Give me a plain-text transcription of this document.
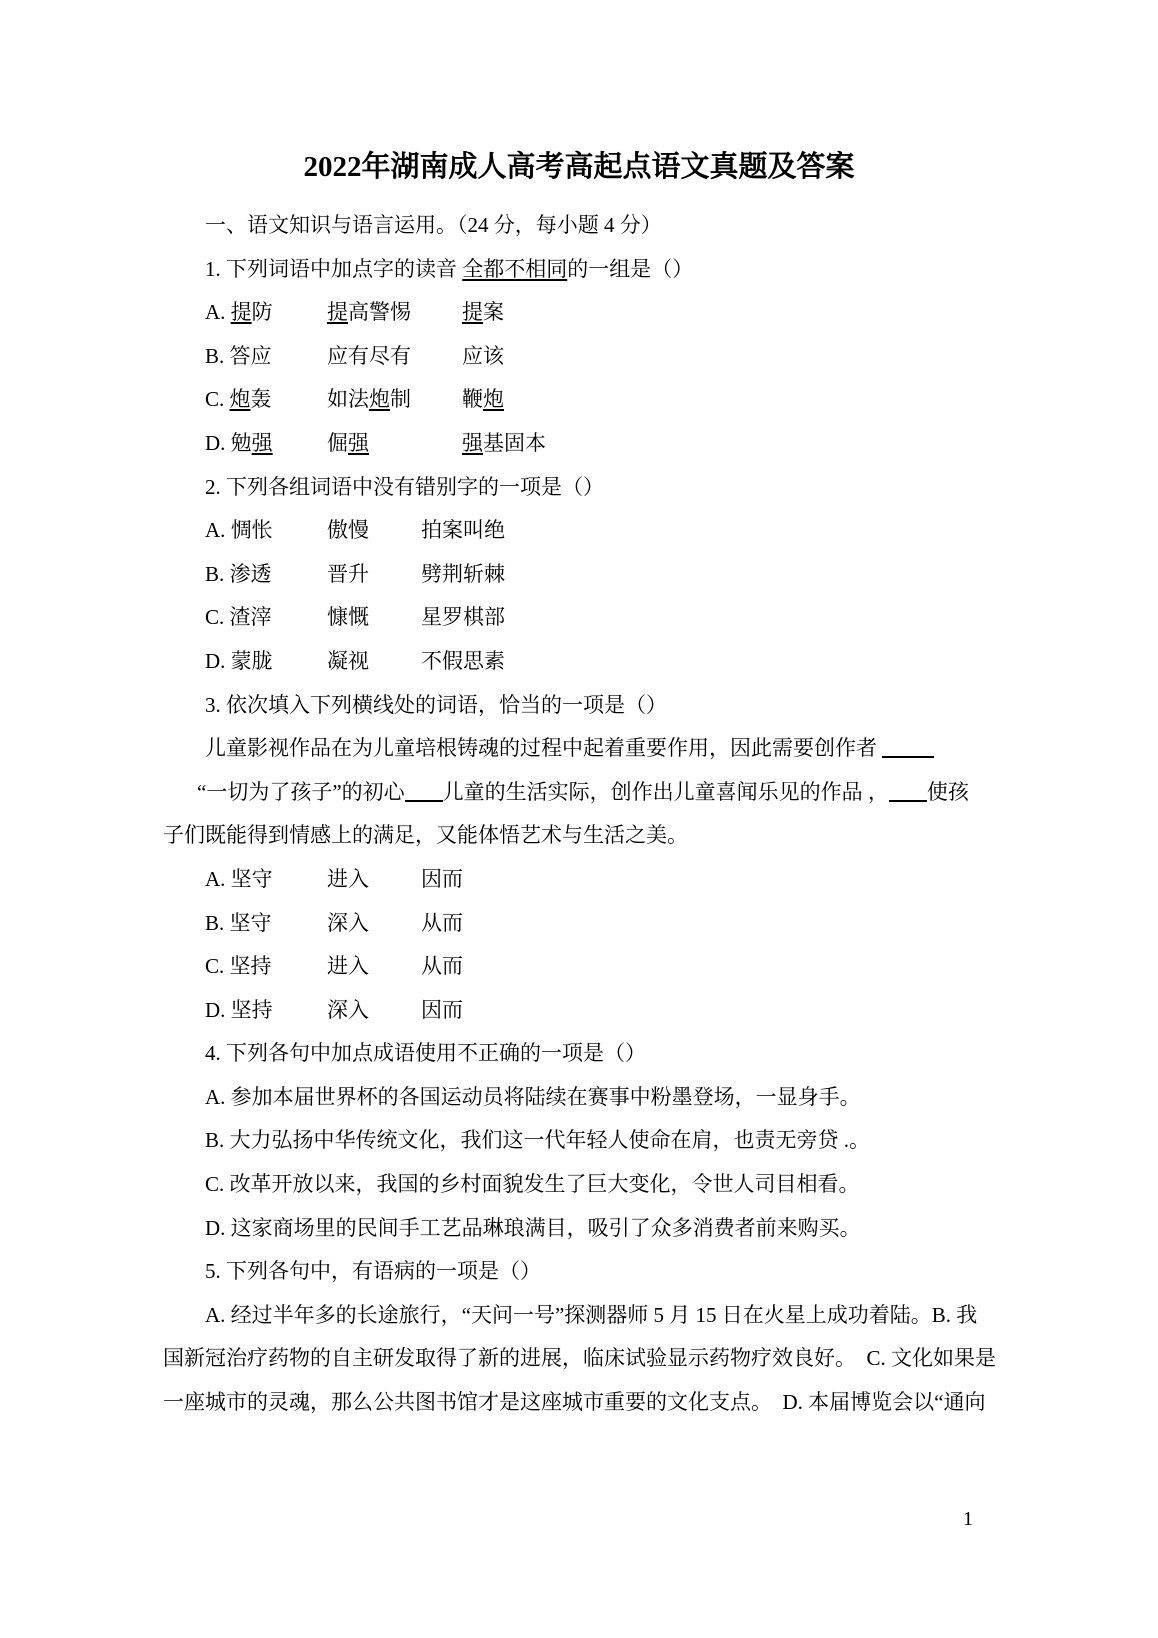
2022年湖南成人高考高起点语文真题及答案
一、语文知识与语言运用。（24 分，每小题 4 分）
1. 下列词语中加点字的读音 全都不相同的一组是（）
A. 提防	提高警惕	提案
B. 答应	应有尽有	应该
C. 炮轰	如法炮制	鞭炮
D. 勉强	倔强	强基固本
2. 下列各组词语中没有错别字的一项是（）
A. 惆怅	傲慢	拍案叫绝
B. 渗透	晋升	劈荆斩棘
C. 渣滓	慷慨	星罗棋部
D. 蒙胧	凝视	不假思素
3. 依次填入下列横线处的词语，恰当的一项是（）
儿童影视作品在为儿童培根铸魂的过程中起着重要作用，因此需要创作者
“一切为了孩子”的初心 儿童的生活实际，创作出儿童喜闻乐见的作品 ， 使孩
子们既能得到情感上的满足，又能体悟艺术与生活之美。
A. 坚守	进入	因而
B. 坚守	深入	从而
C. 坚持	进入	从而
D. 坚持	深入	因而
4. 下列各句中加点成语使用不正确的一项是（）
A. 参加本届世界杯的各国运动员将陆续在赛事中粉墨登场，一显身手。
B. 大力弘扬中华传统文化，我们这一代年轻人使命在肩，也责无旁贷 .。
C. 改革开放以来，我国的乡村面貌发生了巨大变化，令世人司目相看。
D. 这家商场里的民间手工艺品琳琅满目，吸引了众多消费者前来购买。
5. 下列各句中，有语病的一项是（）
A. 经过半年多的长途旅行，“天问一号”探测器师 5 月 15 日在火星上成功着陆。B. 我
国新冠治疗药物的自主研发取得了新的进展，临床试验显示药物疗效良好。  C. 文化如果是
一座城市的灵魂，那么公共图书馆才是这座城市重要的文化支点。  D. 本届博览会以“通向
1
